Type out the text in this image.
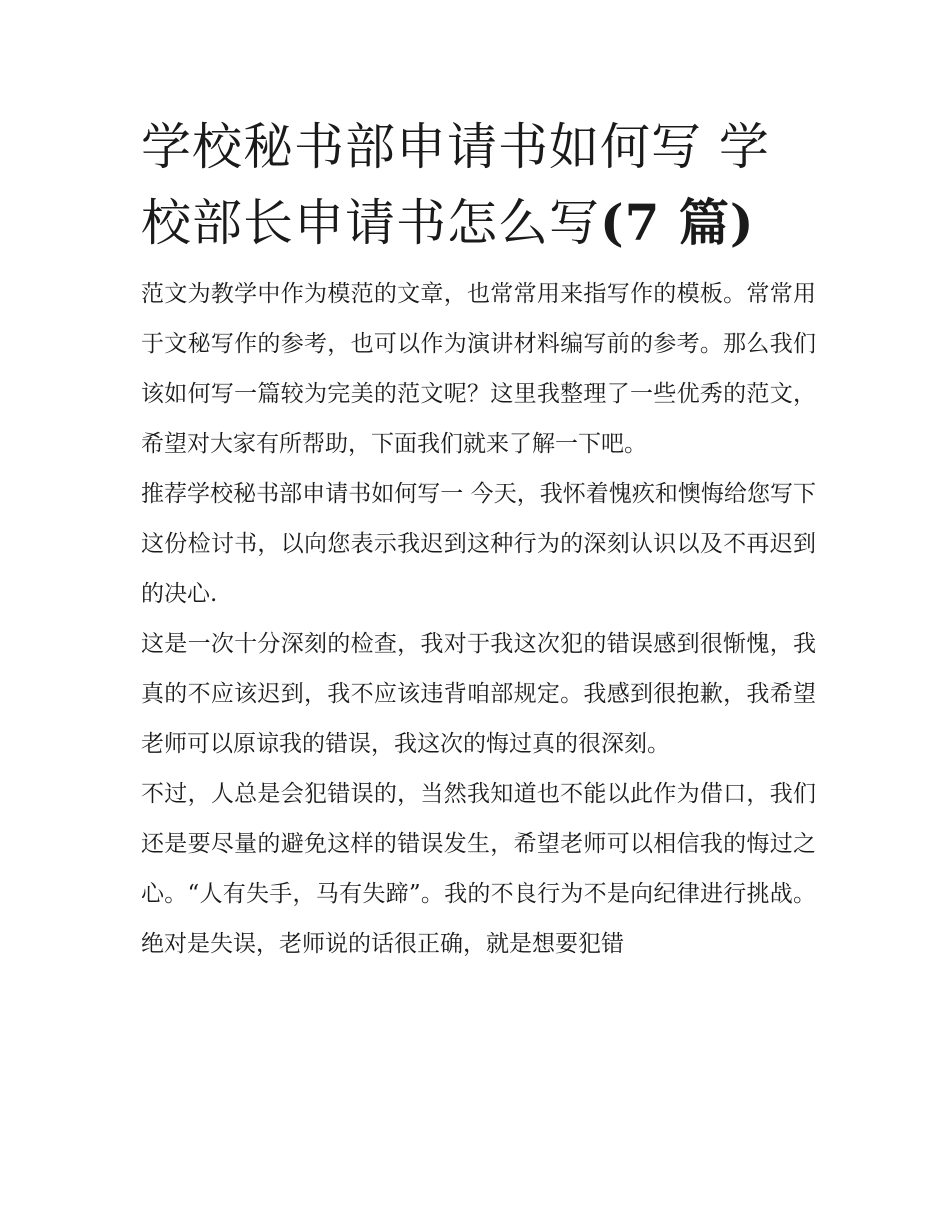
学校秘书部申请书如何写 学校部长申请书怎么写(7 篇)

范文为教学中作为模范的文章，也常常用来指写作的模板。常常用于文秘写作的参考，也可以作为演讲材料编写前的参考。那么我们该如何写一篇较为完美的范文呢？这里我整理了一些优秀的范文，希望对大家有所帮助，下面我们就来了解一下吧。

推荐学校秘书部申请书如何写一 今天，我怀着愧疚和懊悔给您写下这份检讨书，以向您表示我迟到这种行为的深刻认识以及不再迟到的决心.

这是一次十分深刻的检查，我对于我这次犯的错误感到很惭愧，我真的不应该迟到，我不应该违背咱部规定。我感到很抱歉，我希望老师可以原谅我的错误，我这次的悔过真的很深刻。

不过，人总是会犯错误的，当然我知道也不能以此作为借口，我们还是要尽量的避免这样的错误发生，希望老师可以相信我的悔过之心。“人有失手，马有失蹄”。我的不良行为不是向纪律进行挑战。绝对是失误，老师说的话很正确，就是想要犯错
